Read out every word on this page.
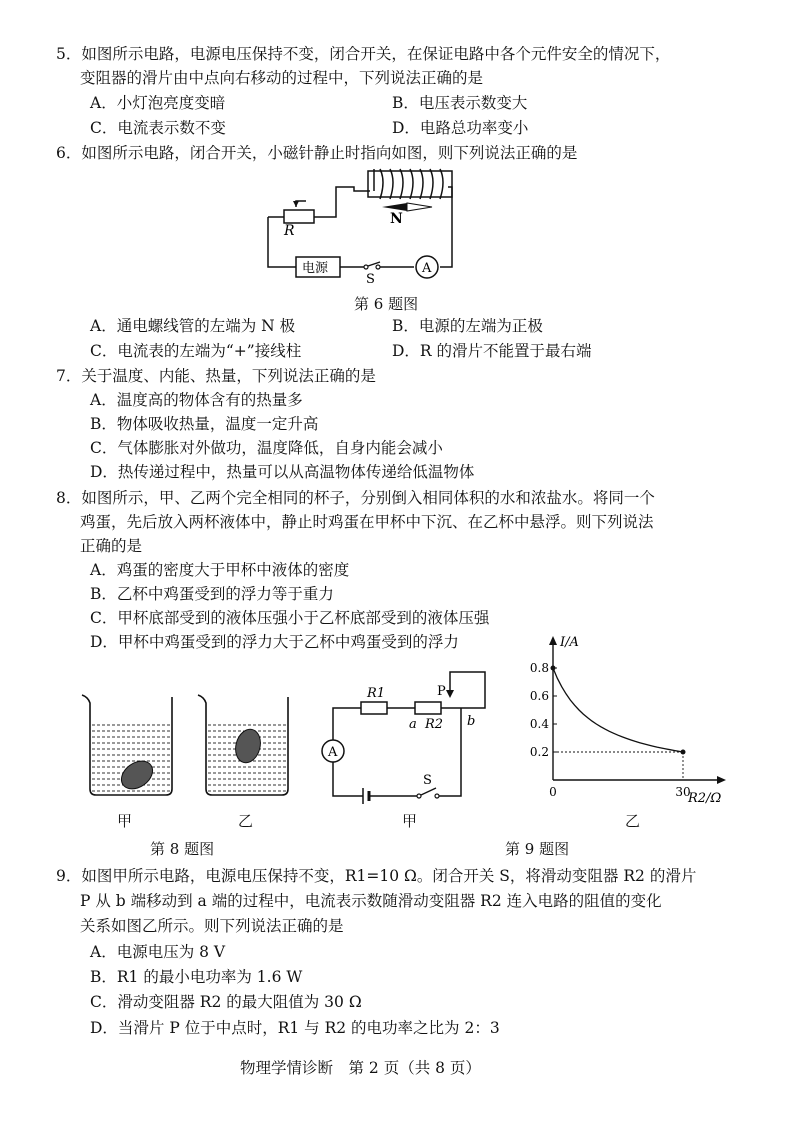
5．如图所示电路，电源电压保持不变，闭合开关，在保证电路中各个元件安全的情况下，
变阻器的滑片由中点向右移动的过程中，下列说法正确的是
A．小灯泡亮度变暗	B．电压表示数变大
C．电流表示数不变	D．电路总功率变小
6．如图所示电路，闭合开关，小磁针静止时指向如图，则下列说法正确的是
R
N
电源
S
A
第 6 题图
A．通电螺线管的左端为 N 极	B．电源的左端为正极
C．电流表的左端为“+”接线柱	D．R 的滑片不能置于最右端
7．关于温度、内能、热量，下列说法正确的是
A．温度高的物体含有的热量多
B．物体吸收热量，温度一定升高
C．气体膨胀对外做功，温度降低，自身内能会减小
D．热传递过程中，热量可以从高温物体传递给低温物体
8．如图所示，甲、乙两个完全相同的杯子，分别倒入相同体积的水和浓盐水。将同一个
鸡蛋，先后放入两杯液体中，静止时鸡蛋在甲杯中下沉、在乙杯中悬浮。则下列说法
正确的是
A．鸡蛋的密度大于甲杯中液体的密度
B．乙杯中鸡蛋受到的浮力等于重力
C．甲杯底部受到的液体压强小于乙杯底部受到的液体压强
D．甲杯中鸡蛋受到的浮力大于乙杯中鸡蛋受到的浮力
甲	乙
第 8 题图
R1	P
R2
a	b
S
A
甲
I/A
R2/Ω
0.2
0.4
0.6
0.8
0	30
乙
第 9 题图
9．如图甲所示电路，电源电压保持不变，R1=10 Ω。闭合开关 S，将滑动变阻器 R2 的滑片
P 从 b 端移动到 a 端的过程中，电流表示数随滑动变阻器 R2 连入电路的阻值的变化
关系如图乙所示。则下列说法正确的是
A．电源电压为 8 V
B．R1 的最小电功率为 1.6 W
C．滑动变阻器 R2 的最大阻值为 30 Ω
D．当滑片 P 位于中点时，R1 与 R2 的电功率之比为 2：3
物理学情诊断　第 2 页（共 8 页）
